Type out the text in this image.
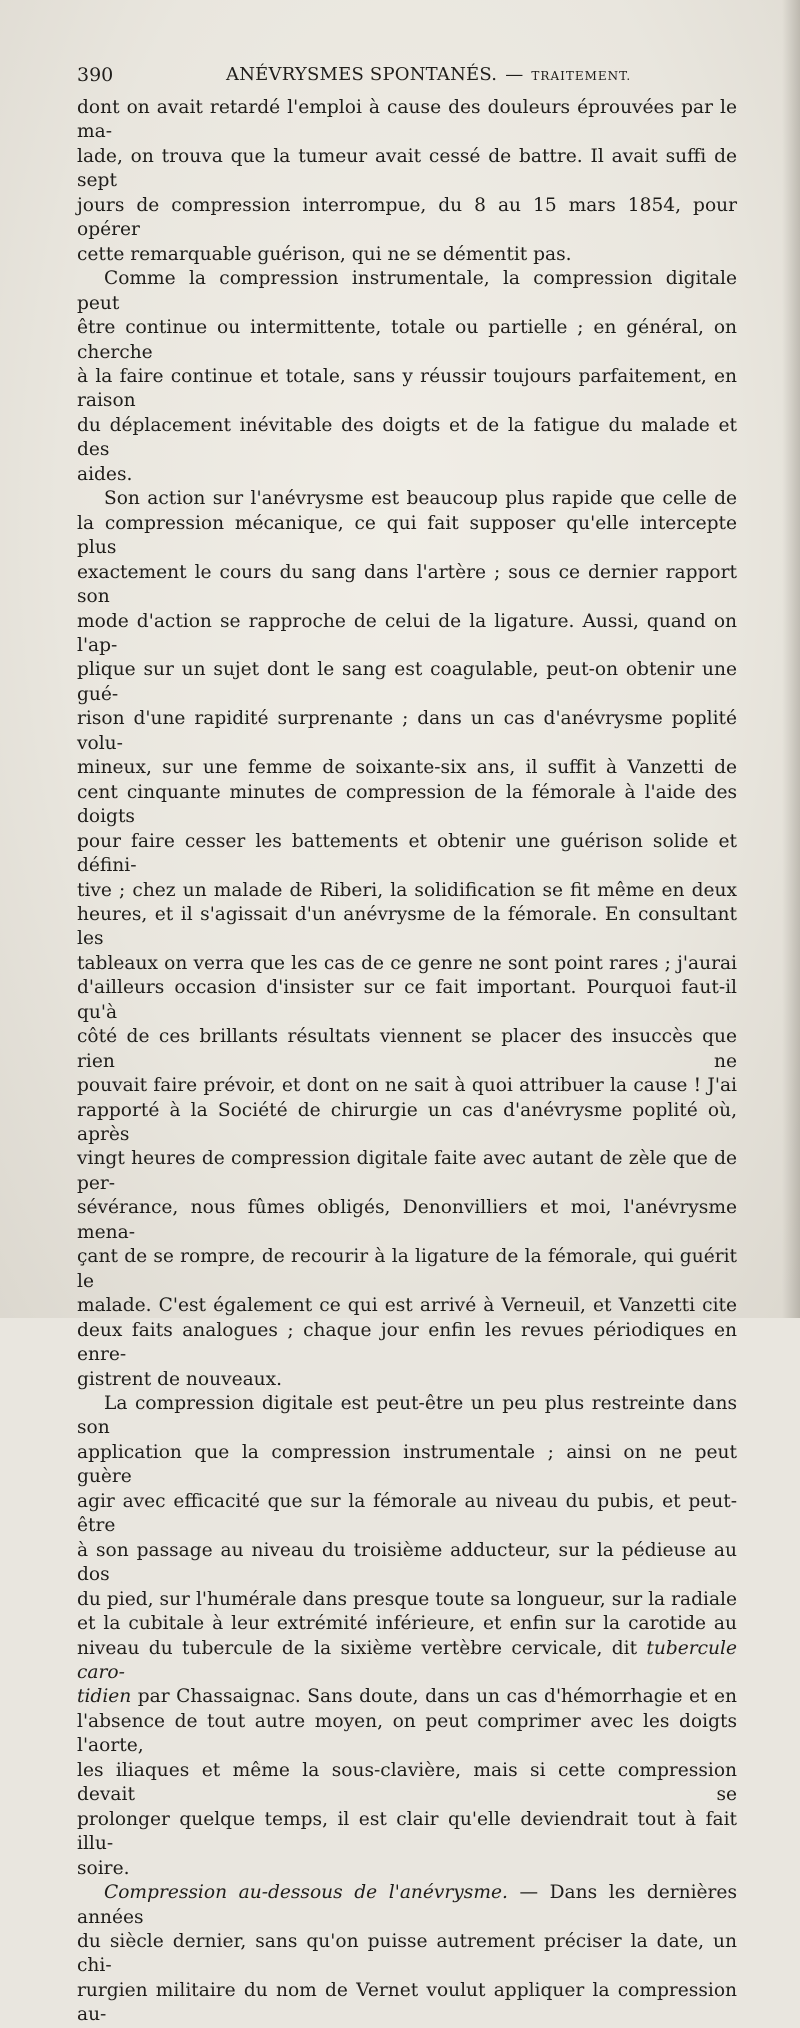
390	ANÉVRYSMES SPONTANÉS. — TRAITEMENT.

dont on avait retardé l'emploi à cause des douleurs éprouvées par le ma-

lade, on trouva que la tumeur avait cessé de battre. Il avait suffi de sept

jours de compression interrompue, du 8 au 15 mars 1854, pour opérer

cette remarquable guérison, qui ne se démentit pas.

Comme la compression instrumentale, la compression digitale peut

être continue ou intermittente, totale ou partielle ; en général, on cherche

à la faire continue et totale, sans y réussir toujours parfaitement, en raison

du déplacement inévitable des doigts et de la fatigue du malade et des

aides.

Son action sur l'anévrysme est beaucoup plus rapide que celle de

la compression mécanique, ce qui fait supposer qu'elle intercepte plus

exactement le cours du sang dans l'artère ; sous ce dernier rapport son

mode d'action se rapproche de celui de la ligature. Aussi, quand on l'ap-

plique sur un sujet dont le sang est coagulable, peut-on obtenir une gué-

rison d'une rapidité surprenante ; dans un cas d'anévrysme poplité volu-

mineux, sur une femme de soixante-six ans, il suffit à Vanzetti de

cent cinquante minutes de compression de la fémorale à l'aide des doigts

pour faire cesser les battements et obtenir une guérison solide et défini-

tive ; chez un malade de Riberi, la solidification se fit même en deux

heures, et il s'agissait d'un anévrysme de la fémorale. En consultant les

tableaux on verra que les cas de ce genre ne sont point rares ; j'aurai

d'ailleurs occasion d'insister sur ce fait important. Pourquoi faut-il qu'à

côté de ces brillants résultats viennent se placer des insuccès que rien ne

pouvait faire prévoir, et dont on ne sait à quoi attribuer la cause ! J'ai

rapporté à la Société de chirurgie un cas d'anévrysme poplité où, après

vingt heures de compression digitale faite avec autant de zèle que de per-

sévérance, nous fûmes obligés, Denonvilliers et moi, l'anévrysme mena-

çant de se rompre, de recourir à la ligature de la fémorale, qui guérit le

malade. C'est également ce qui est arrivé à Verneuil, et Vanzetti cite

deux faits analogues ; chaque jour enfin les revues périodiques en enre-

gistrent de nouveaux.

La compression digitale est peut-être un peu plus restreinte dans son

application que la compression instrumentale ; ainsi on ne peut guère

agir avec efficacité que sur la fémorale au niveau du pubis, et peut-être

à son passage au niveau du troisième adducteur, sur la pédieuse au dos

du pied, sur l'humérale dans presque toute sa longueur, sur la radiale

et la cubitale à leur extrémité inférieure, et enfin sur la carotide au

niveau du tubercule de la sixième vertèbre cervicale, dit tubercule caro-

tidien par Chassaignac. Sans doute, dans un cas d'hémorrhagie et en

l'absence de tout autre moyen, on peut comprimer avec les doigts l'aorte,

les iliaques et même la sous-clavière, mais si cette compression devait se

prolonger quelque temps, il est clair qu'elle deviendrait tout à fait illu-

soire.

Compression au-dessous de l'anévrysme. — Dans les dernières années

du siècle dernier, sans qu'on puisse autrement préciser la date, un chi-

rurgien militaire du nom de Vernet voulut appliquer la compression au-
